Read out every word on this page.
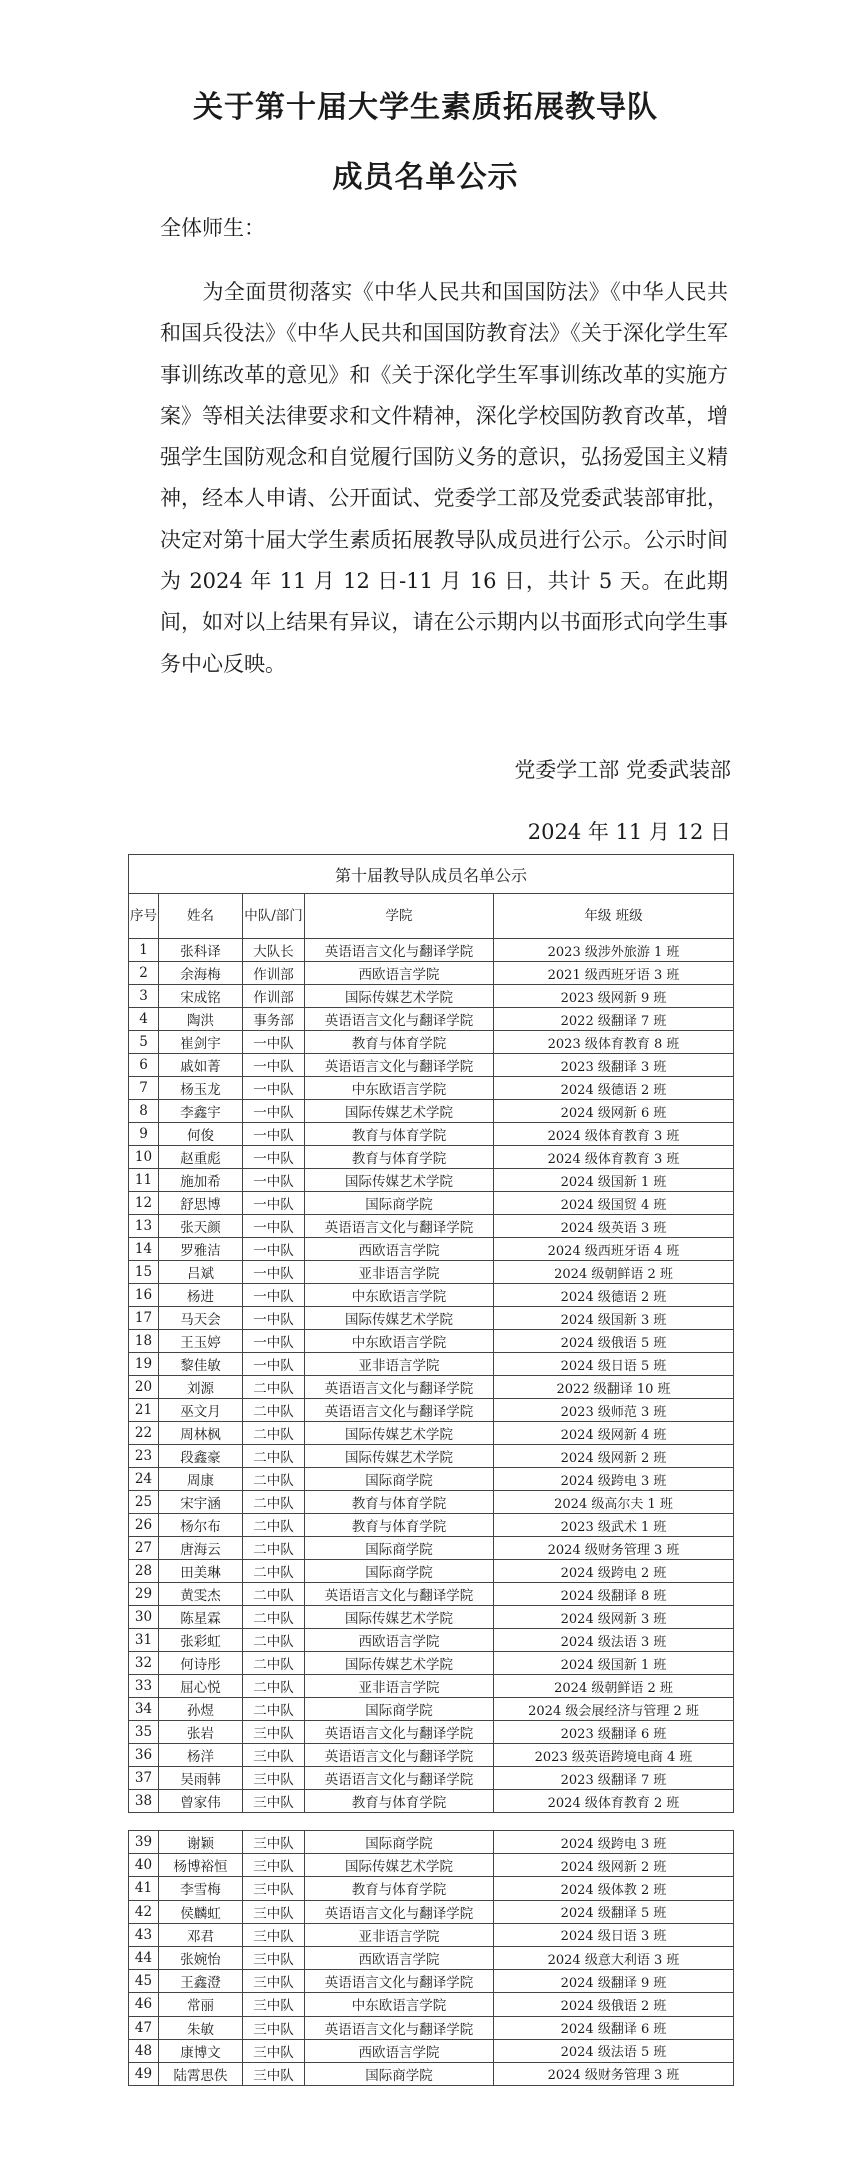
关于第十届大学生素质拓展教导队
成员名单公示
全体师生：
为全面贯彻落实《中华人民共和国国防法》《中华人民共和国兵役法》《中华人民共和国国防教育法》《关于深化学生军事训练改革的意见》和《关于深化学生军事训练改革的实施方案》等相关法律要求和文件精神，深化学校国防教育改革，增强学生国防观念和自觉履行国防义务的意识，弘扬爱国主义精神，经本人申请、公开面试、党委学工部及党委武装部审批，决定对第十届大学生素质拓展教导队成员进行公示。公示时间为 2024 年 11 月 12 日-11 月 16 日，共计 5 天。在此期间，如对以上结果有异议，请在公示期内以书面形式向学生事务中心反映。
党委学工部 党委武装部
2024 年 11 月 12 日
第十届教导队成员名单公示				
序号	姓名	中队/部门	学院	年级 班级
1	张科译	大队长	英语语言文化与翻译学院	2023 级涉外旅游 1 班
2	余海梅	作训部	西欧语言学院	2021 级西班牙语 3 班
3	宋成铭	作训部	国际传媒艺术学院	2023 级网新 9 班
4	陶洪	事务部	英语语言文化与翻译学院	2022 级翻译 7 班
5	崔剑宇	一中队	教育与体育学院	2023 级体育教育 8 班
6	戚如菁	一中队	英语语言文化与翻译学院	2023 级翻译 3 班
7	杨玉龙	一中队	中东欧语言学院	2024 级德语 2 班
8	李鑫宇	一中队	国际传媒艺术学院	2024 级网新 6 班
9	何俊	一中队	教育与体育学院	2024 级体育教育 3 班
10	赵重彪	一中队	教育与体育学院	2024 级体育教育 3 班
11	施加希	一中队	国际传媒艺术学院	2024 级国新 1 班
12	舒思博	一中队	国际商学院	2024 级国贸 4 班
13	张天颜	一中队	英语语言文化与翻译学院	2024 级英语 3 班
14	罗雅洁	一中队	西欧语言学院	2024 级西班牙语 4 班
15	吕斌	一中队	亚非语言学院	2024 级朝鲜语 2 班
16	杨进	一中队	中东欧语言学院	2024 级德语 2 班
17	马天会	一中队	国际传媒艺术学院	2024 级国新 3 班
18	王玉婷	一中队	中东欧语言学院	2024 级俄语 5 班
19	黎佳敏	一中队	亚非语言学院	2024 级日语 5 班
20	刘源	二中队	英语语言文化与翻译学院	2022 级翻译 10 班
21	巫文月	二中队	英语语言文化与翻译学院	2023 级师范 3 班
22	周林枫	二中队	国际传媒艺术学院	2024 级网新 4 班
23	段鑫豪	二中队	国际传媒艺术学院	2024 级网新 2 班
24	周康	二中队	国际商学院	2024 级跨电 3 班
25	宋宇涵	二中队	教育与体育学院	2024 级高尔夫 1 班
26	杨尔布	二中队	教育与体育学院	2023 级武术 1 班
27	唐海云	二中队	国际商学院	2024 级财务管理 3 班
28	田美琳	二中队	国际商学院	2024 级跨电 2 班
29	黄雯杰	二中队	英语语言文化与翻译学院	2024 级翻译 8 班
30	陈星霖	二中队	国际传媒艺术学院	2024 级网新 3 班
31	张彩虹	二中队	西欧语言学院	2024 级法语 3 班
32	何诗彤	二中队	国际传媒艺术学院	2024 级国新 1 班
33	屈心悦	二中队	亚非语言学院	2024 级朝鲜语 2 班
34	孙煜	二中队	国际商学院	2024 级会展经济与管理 2 班
35	张岩	三中队	英语语言文化与翻译学院	2023 级翻译 6 班
36	杨洋	三中队	英语语言文化与翻译学院	2023 级英语跨境电商 4 班
37	吴雨韩	三中队	英语语言文化与翻译学院	2023 级翻译 7 班
38	曾家伟	三中队	教育与体育学院	2024 级体育教育 2 班
39	谢颖	三中队	国际商学院	2024 级跨电 3 班
40	杨博裕恒	三中队	国际传媒艺术学院	2024 级网新 2 班
41	李雪梅	三中队	教育与体育学院	2024 级体教 2 班
42	侯麟虹	三中队	英语语言文化与翻译学院	2024 级翻译 5 班
43	邓君	三中队	亚非语言学院	2024 级日语 3 班
44	张婉怡	三中队	西欧语言学院	2024 级意大利语 3 班
45	王鑫澄	三中队	英语语言文化与翻译学院	2024 级翻译 9 班
46	常丽	三中队	中东欧语言学院	2024 级俄语 2 班
47	朱敏	三中队	英语语言文化与翻译学院	2024 级翻译 6 班
48	康博文	三中队	西欧语言学院	2024 级法语 5 班
49	陆霄思佚	三中队	国际商学院	2024 级财务管理 3 班
